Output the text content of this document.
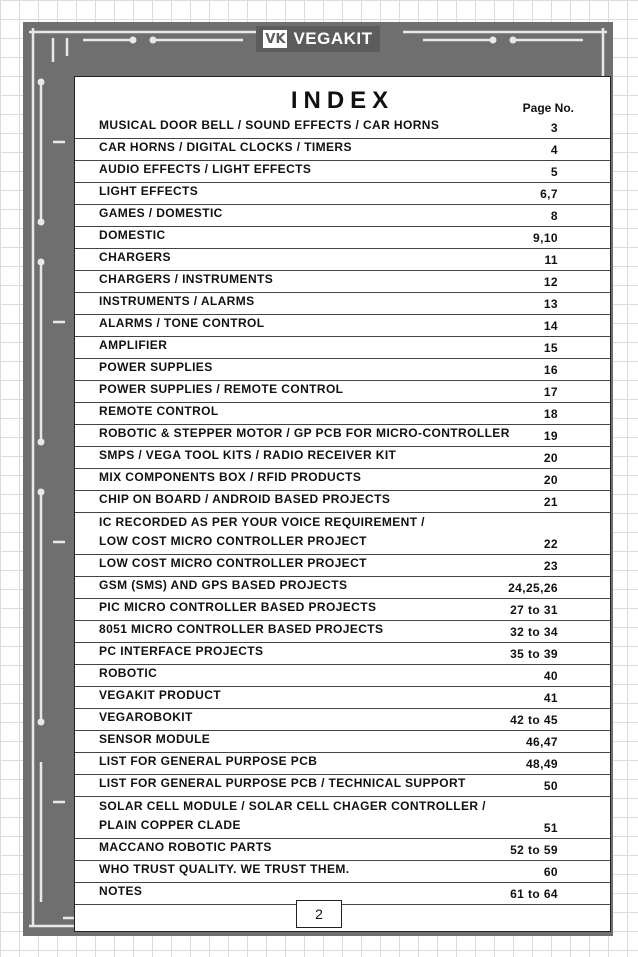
VK VEGAKIT
INDEX	Page No.
MUSICAL DOOR BELL / SOUND EFFECTS / CAR HORNS	3
CAR HORNS / DIGITAL CLOCKS / TIMERS	4
AUDIO EFFECTS / LIGHT EFFECTS	5
LIGHT EFFECTS	6,7
GAMES / DOMESTIC	8
DOMESTIC	9,10
CHARGERS	11
CHARGERS / INSTRUMENTS	12
INSTRUMENTS / ALARMS	13
ALARMS / TONE CONTROL	14
AMPLIFIER	15
POWER SUPPLIES	16
POWER SUPPLIES / REMOTE CONTROL	17
REMOTE CONTROL	18
ROBOTIC & STEPPER MOTOR / GP PCB FOR MICRO-CONTROLLER	19
SMPS / VEGA TOOL KITS / RADIO RECEIVER KIT	20
MIX COMPONENTS BOX / RFID PRODUCTS	20
CHIP ON BOARD / ANDROID BASED PROJECTS	21
IC RECORDED AS PER YOUR VOICE REQUIREMENT /
LOW COST MICRO CONTROLLER PROJECT	22
LOW COST MICRO CONTROLLER PROJECT	23
GSM (SMS) AND GPS BASED PROJECTS	24,25,26
PIC MICRO CONTROLLER BASED PROJECTS	27 to 31
8051 MICRO CONTROLLER BASED PROJECTS	32 to 34
PC INTERFACE PROJECTS	35 to 39
ROBOTIC	40
VEGAKIT PRODUCT	41
VEGAROBOKIT	42 to 45
SENSOR MODULE	46,47
LIST FOR GENERAL PURPOSE PCB	48,49
LIST FOR GENERAL PURPOSE PCB / TECHNICAL SUPPORT	50
SOLAR CELL MODULE / SOLAR CELL CHAGER CONTROLLER /
PLAIN COPPER CLADE	51
MACCANO ROBOTIC PARTS	52 to 59
WHO TRUST QUALITY. WE TRUST THEM.	60
NOTES	61 to 64
2
